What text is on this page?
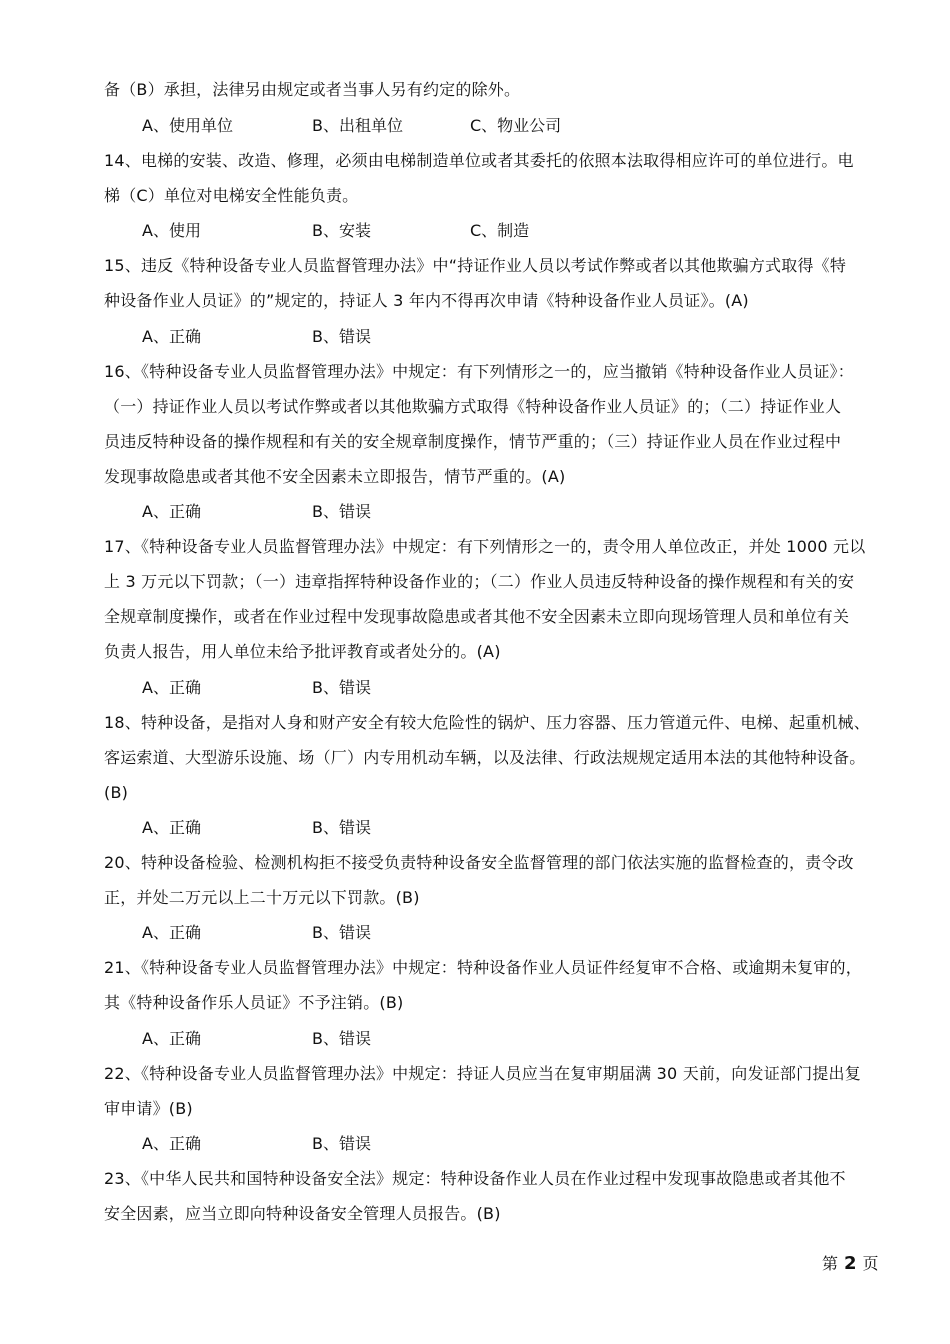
备（B）承担，法律另由规定或者当事人另有约定的除外。
A、使用单位	B、出租单位	C、物业公司
14、电梯的安装、改造、修理，必须由电梯制造单位或者其委托的依照本法取得相应许可的单位进行。电
梯（C）单位对电梯安全性能负责。
A、使用	B、安装	C、制造
15、违反《特种设备专业人员监督管理办法》中“持证作业人员以考试作弊或者以其他欺骗方式取得《特
种设备作业人员证》的”规定的，持证人 3 年内不得再次申请《特种设备作业人员证》。(A)
A、正确	B、错误
16、《特种设备专业人员监督管理办法》中规定：有下列情形之一的，应当撤销《特种设备作业人员证》：
（一）持证作业人员以考试作弊或者以其他欺骗方式取得《特种设备作业人员证》的；（二）持证作业人
员违反特种设备的操作规程和有关的安全规章制度操作，情节严重的；（三）持证作业人员在作业过程中
发现事故隐患或者其他不安全因素未立即报告，情节严重的。(A)
A、正确	B、错误
17、《特种设备专业人员监督管理办法》中规定：有下列情形之一的，责令用人单位改正，并处 1000 元以
上 3 万元以下罚款；（一）违章指挥特种设备作业的；（二）作业人员违反特种设备的操作规程和有关的安
全规章制度操作，或者在作业过程中发现事故隐患或者其他不安全因素未立即向现场管理人员和单位有关
负责人报告，用人单位未给予批评教育或者处分的。(A)
A、正确	B、错误
18、特种设备，是指对人身和财产安全有较大危险性的锅炉、压力容器、压力管道元件、电梯、起重机械、
客运索道、大型游乐设施、场（厂）内专用机动车辆，以及法律、行政法规规定适用本法的其他特种设备。
(B)
A、正确	B、错误
20、特种设备检验、检测机构拒不接受负责特种设备安全监督管理的部门依法实施的监督检查的，责令改
正，并处二万元以上二十万元以下罚款。(B)
A、正确	B、错误
21、《特种设备专业人员监督管理办法》中规定：特种设备作业人员证件经复审不合格、或逾期未复审的，
其《特种设备作乐人员证》不予注销。(B)
A、正确	B、错误
22、《特种设备专业人员监督管理办法》中规定：持证人员应当在复审期届满 30 天前，向发证部门提出复
审申请》(B)
A、正确	B、错误
23、《中华人民共和国特种设备安全法》规定：特种设备作业人员在作业过程中发现事故隐患或者其他不
安全因素，应当立即向特种设备安全管理人员报告。(B)
第 2 页
